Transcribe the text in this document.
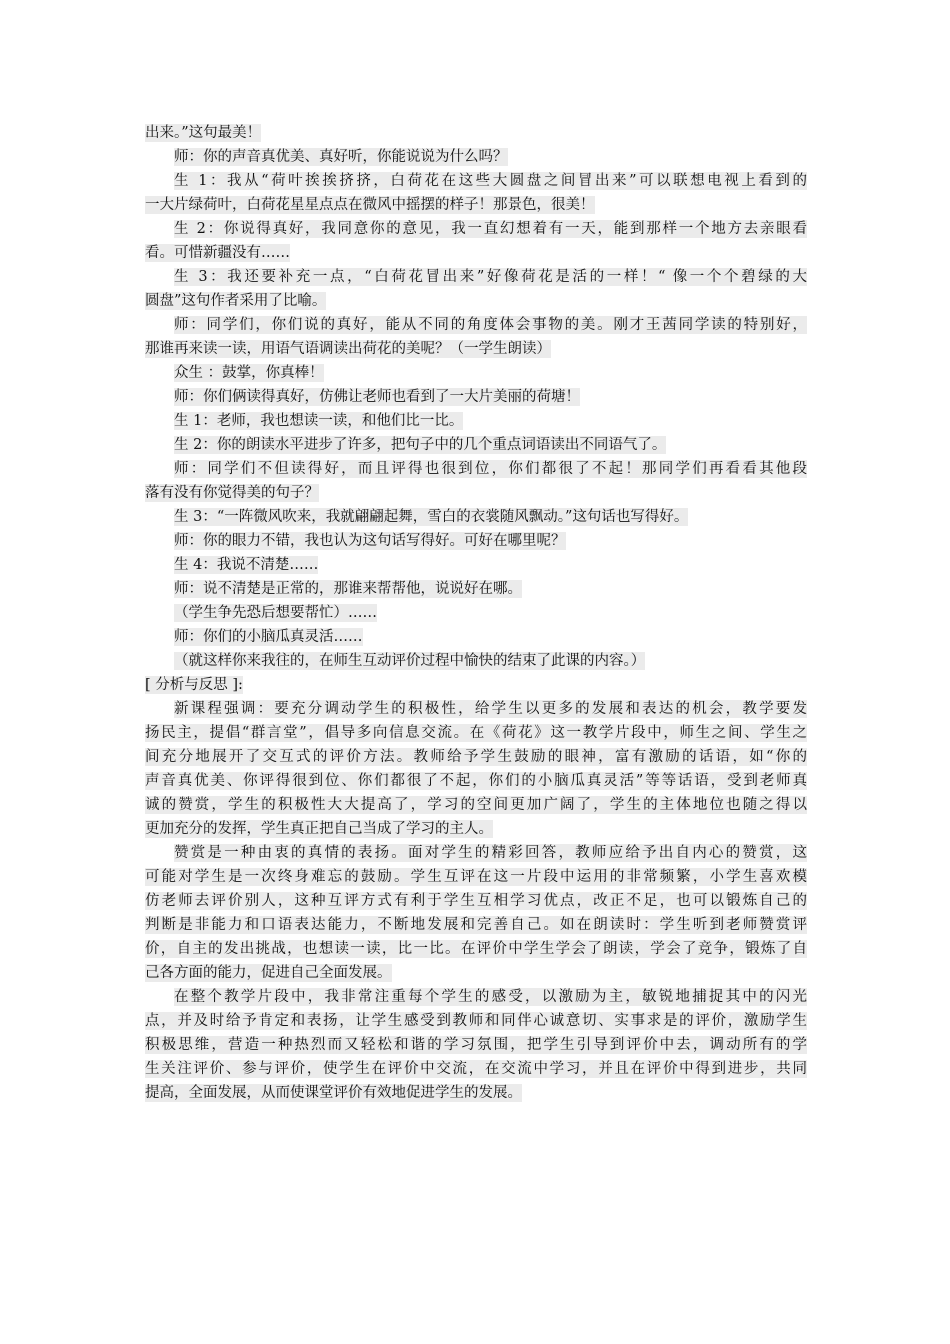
出来。”这句最美！
师：你的声音真优美、真好听，你能说说为什么吗？
生 1：我从“荷叶挨挨挤挤，白荷花在这些大圆盘之间冒出来”可以联想电视上看到的
一大片绿荷叶，白荷花星星点点在微风中摇摆的样子！那景色，很美！
生 2：你说得真好，我同意你的意见，我一直幻想着有一天，能到那样一个地方去亲眼看
看。可惜新疆没有……
生 3：我还要补充一点，“白荷花冒出来”好像荷花是活的一样！“ 像一个个碧绿的大
圆盘”这句作者采用了比喻。
师：同学们，你们说的真好，能从不同的角度体会事物的美。刚才王茜同学读的特别好，
那谁再来读一读，用语气语调读出荷花的美呢？（一学生朗读）
众生 ：鼓掌，你真棒！
师：你们俩读得真好，仿佛让老师也看到了一大片美丽的荷塘！
生 1：老师，我也想读一读，和他们比一比。
生 2：你的朗读水平进步了许多，把句子中的几个重点词语读出不同语气了。
师：同学们不但读得好，而且评得也很到位，你们都很了不起！那同学们再看看其他段
落有没有你觉得美的句子？
生 3：“一阵微风吹来，我就翩翩起舞，雪白的衣裳随风飘动。”这句话也写得好。
师：你的眼力不错，我也认为这句话写得好。可好在哪里呢？
生 4：我说不清楚……
师：说不清楚是正常的，那谁来帮帮他，说说好在哪。
（学生争先恐后想要帮忙）……
师：你们的小脑瓜真灵活……
（就这样你来我往的，在师生互动评价过程中愉快的结束了此课的内容。）
[ 分析与反思 ]:
新课程强调：要充分调动学生的积极性，给学生以更多的发展和表达的机会，教学要发
扬民主，提倡“群言堂”，倡导多向信息交流。在《荷花》这一教学片段中，师生之间、学生之
间充分地展开了交互式的评价方法。教师给予学生鼓励的眼神，富有激励的话语，如“你的
声音真优美、你评得很到位、你们都很了不起，你们的小脑瓜真灵活”等等话语，受到老师真
诚的赞赏，学生的积极性大大提高了，学习的空间更加广阔了，学生的主体地位也随之得以
更加充分的发挥，学生真正把自己当成了学习的主人。
赞赏是一种由衷的真情的表扬。面对学生的精彩回答，教师应给予出自内心的赞赏，这
可能对学生是一次终身难忘的鼓励。学生互评在这一片段中运用的非常频繁，小学生喜欢模
仿老师去评价别人，这种互评方式有利于学生互相学习优点，改正不足，也可以锻炼自己的
判断是非能力和口语表达能力，不断地发展和完善自己。如在朗读时：学生听到老师赞赏评
价，自主的发出挑战，也想读一读，比一比。在评价中学生学会了朗读，学会了竞争，锻炼了自
己各方面的能力，促进自己全面发展。
在整个教学片段中，我非常注重每个学生的感受，以激励为主，敏锐地捕捉其中的闪光
点，并及时给予肯定和表扬，让学生感受到教师和同伴心诚意切、实事求是的评价，激励学生
积极思维，营造一种热烈而又轻松和谐的学习氛围，把学生引导到评价中去，调动所有的学
生关注评价、参与评价，使学生在评价中交流，在交流中学习，并且在评价中得到进步，共同
提高，全面发展，从而使课堂评价有效地促进学生的发展。
